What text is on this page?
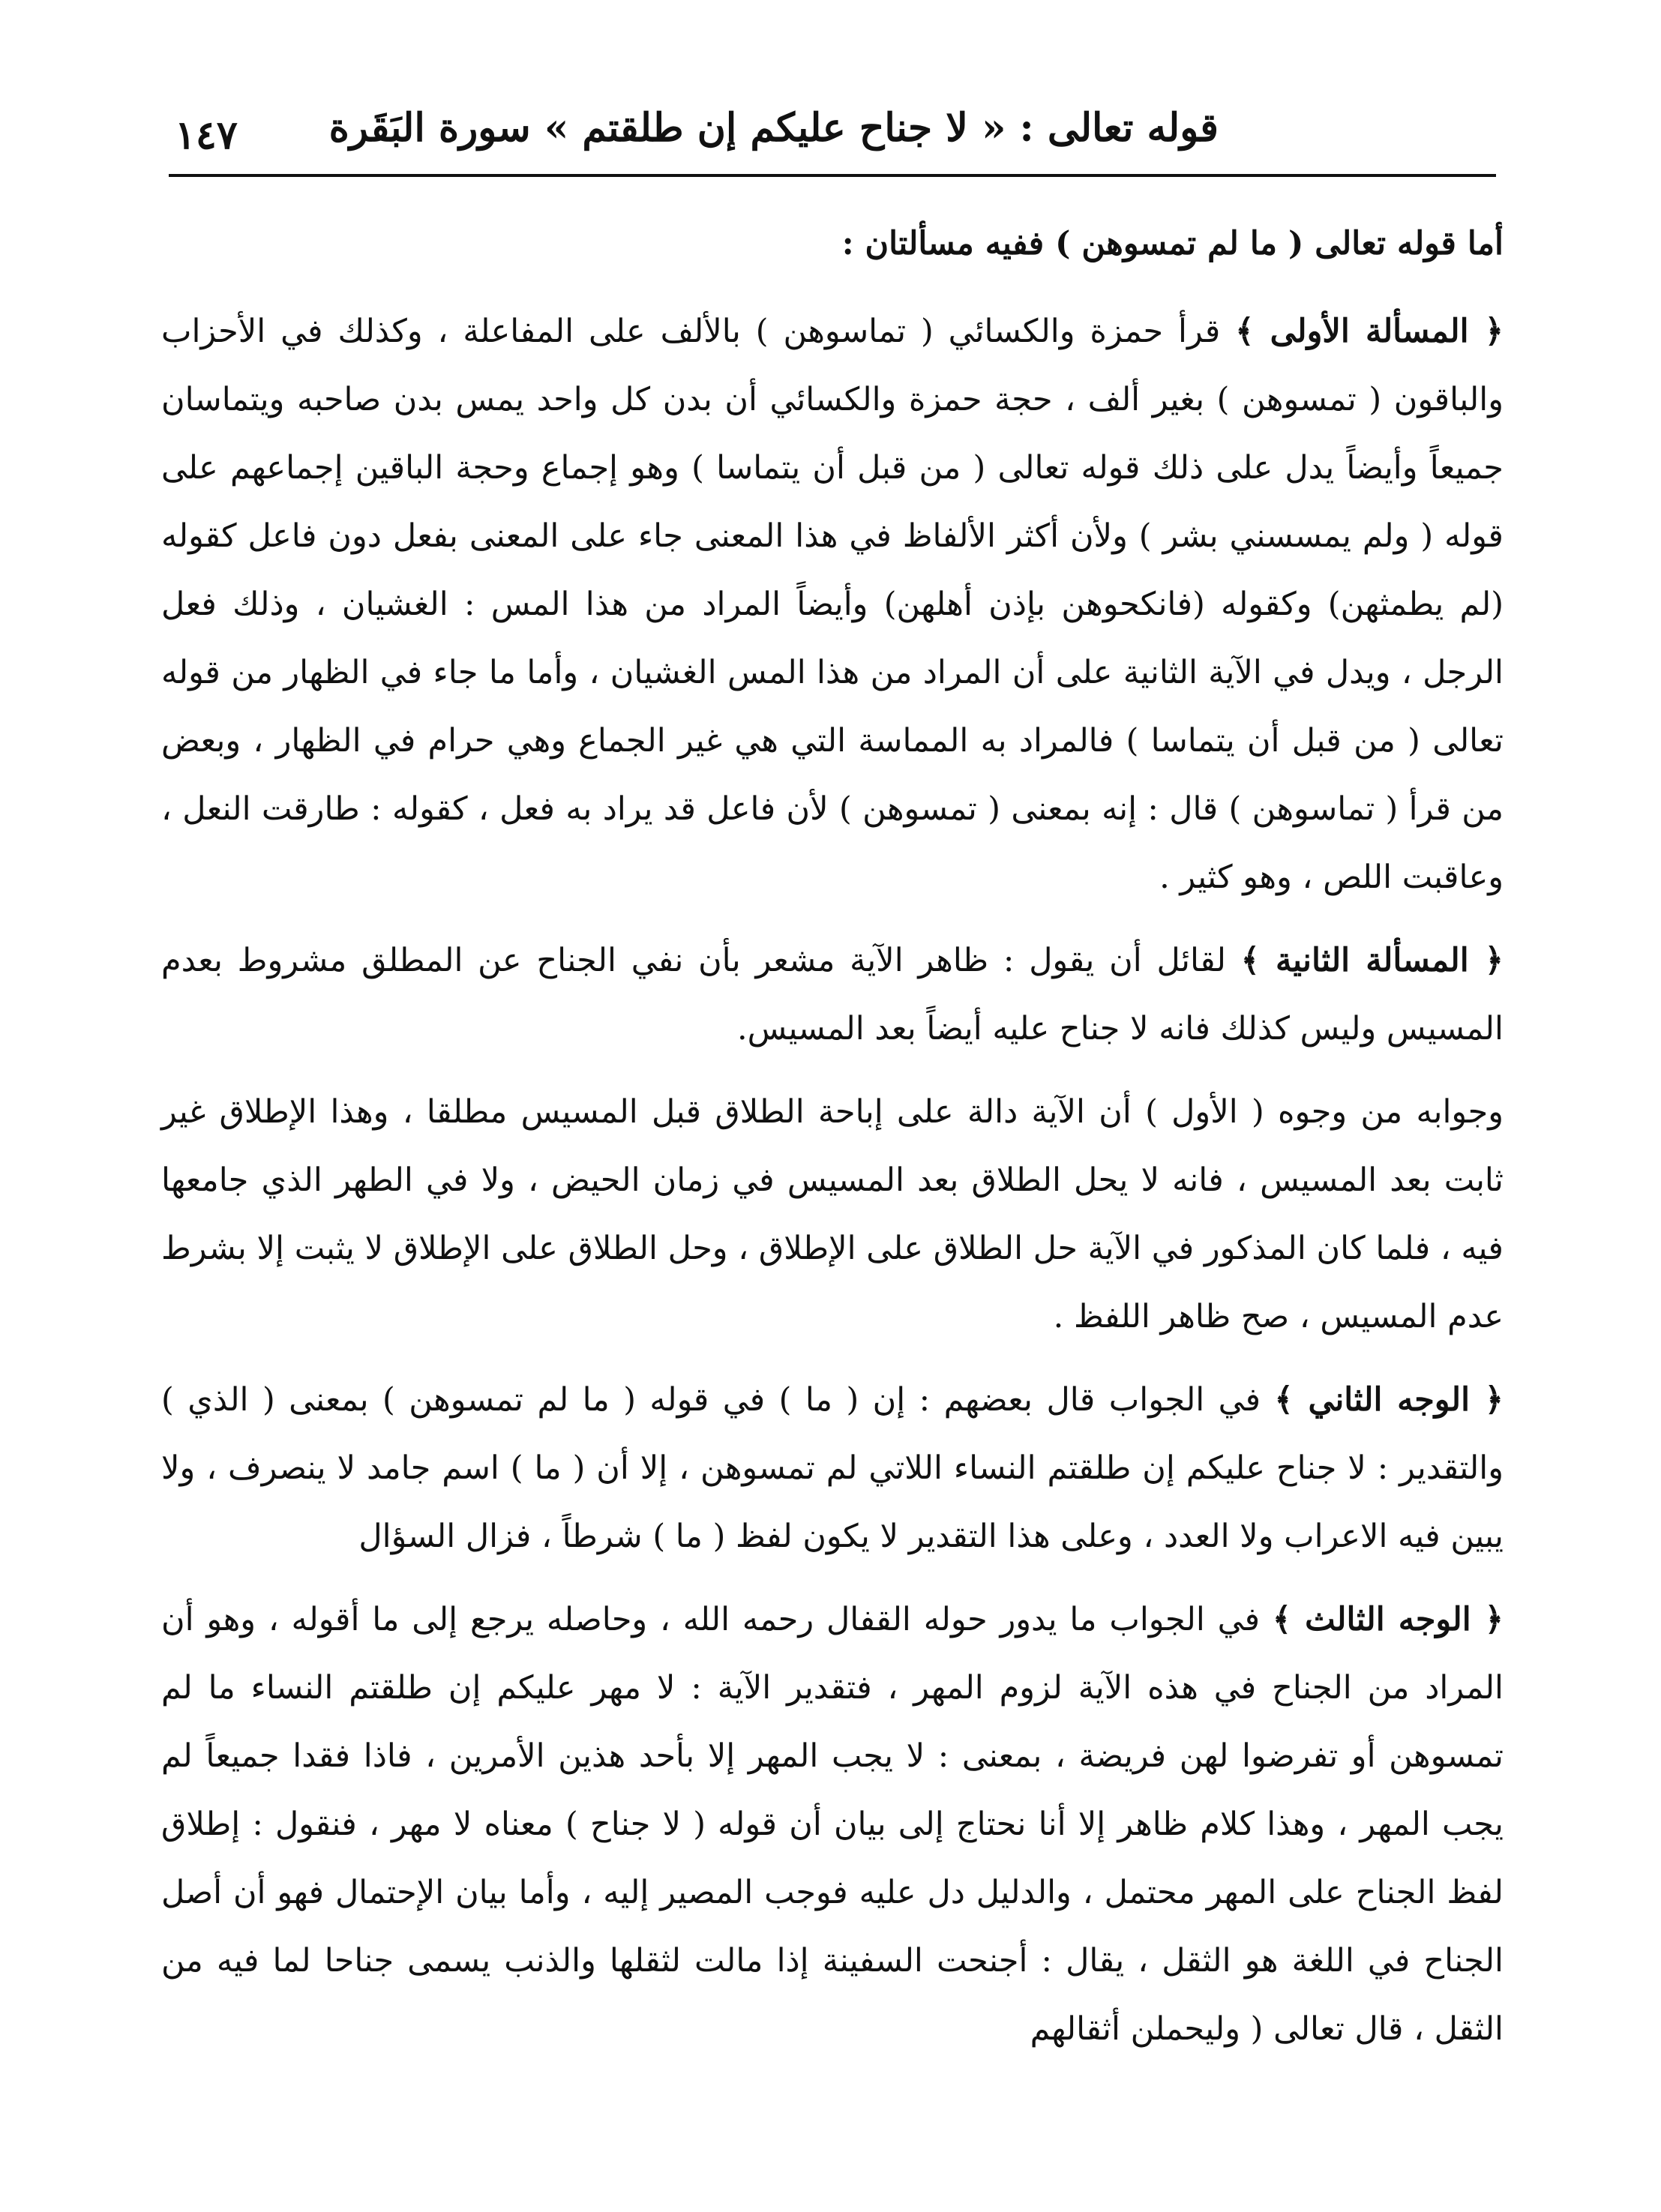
قوله تعالى : « لا جناح عليكم إن طلقتم » سورة البَقَرة
١٤٧

أما قوله تعالى ( ما لم تمسوهن ) ففيه مسألتان :

﴿ المسألة الأولى ﴾ قرأ حمزة والكسائي ( تماسوهن ) بالألف على المفاعلة ، وكذلك في الأحزاب والباقون ( تمسوهن ) بغير ألف ، حجة حمزة والكسائي أن بدن كل واحد يمس بدن صاحبه ويتماسان جميعاً وأيضاً يدل على ذلك قوله تعالى ( من قبل أن يتماسا ) وهو إجماع وحجة الباقين إجماعهم على قوله ( ولم يمسسني بشر ) ولأن أكثر الألفاظ في هذا المعنى جاء على المعنى بفعل دون فاعل كقوله (لم يطمثهن) وكقوله (فانكحوهن بإذن أهلهن) وأيضاً المراد من هذا المس : الغشيان ، وذلك فعل الرجل ، ويدل في الآية الثانية على أن المراد من هذا المس الغشيان ، وأما ما جاء في الظهار من قوله تعالى ( من قبل أن يتماسا ) فالمراد به المماسة التي هي غير الجماع وهي حرام في الظهار ، وبعض من قرأ ( تماسوهن ) قال : إنه بمعنى ( تمسوهن ) لأن فاعل قد يراد به فعل ، كقوله : طارقت النعل ، وعاقبت اللص ، وهو كثير .

﴿ المسألة الثانية ﴾ لقائل أن يقول : ظاهر الآية مشعر بأن نفي الجناح عن المطلق مشروط بعدم المسيس وليس كذلك فانه لا جناح عليه أيضاً بعد المسيس.

وجوابه من وجوه ( الأول ) أن الآية دالة على إباحة الطلاق قبل المسيس مطلقا ، وهذا الإطلاق غير ثابت بعد المسيس ، فانه لا يحل الطلاق بعد المسيس في زمان الحيض ، ولا في الطهر الذي جامعها فيه ، فلما كان المذكور في الآية حل الطلاق على الإطلاق ، وحل الطلاق على الإطلاق لا يثبت إلا بشرط عدم المسيس ، صح ظاهر اللفظ .

﴿ الوجه الثاني ﴾ في الجواب قال بعضهم : إن ( ما ) في قوله ( ما لم تمسوهن ) بمعنى ( الذي ) والتقدير : لا جناح عليكم إن طلقتم النساء اللاتي لم تمسوهن ، إلا أن ( ما ) اسم جامد لا ينصرف ، ولا يبين فيه الاعراب ولا العدد ، وعلى هذا التقدير لا يكون لفظ ( ما ) شرطاً ، فزال السؤال

﴿ الوجه الثالث ﴾ في الجواب ما يدور حوله القفال رحمه الله ، وحاصله يرجع إلى ما أقوله ، وهو أن المراد من الجناح في هذه الآية لزوم المهر ، فتقدير الآية : لا مهر عليكم إن طلقتم النساء ما لم تمسوهن أو تفرضوا لهن فريضة ، بمعنى : لا يجب المهر إلا بأحد هذين الأمرين ، فاذا فقدا جميعاً لم يجب المهر ، وهذا كلام ظاهر إلا أنا نحتاج إلى بيان أن قوله ( لا جناح ) معناه لا مهر ، فنقول : إطلاق لفظ الجناح على المهر محتمل ، والدليل دل عليه فوجب المصير إليه ، وأما بيان الإحتمال فهو أن أصل الجناح في اللغة هو الثقل ، يقال : أجنحت السفينة إذا مالت لثقلها والذنب يسمى جناحا لما فيه من الثقل ، قال تعالى ( وليحملن أثقالهم
